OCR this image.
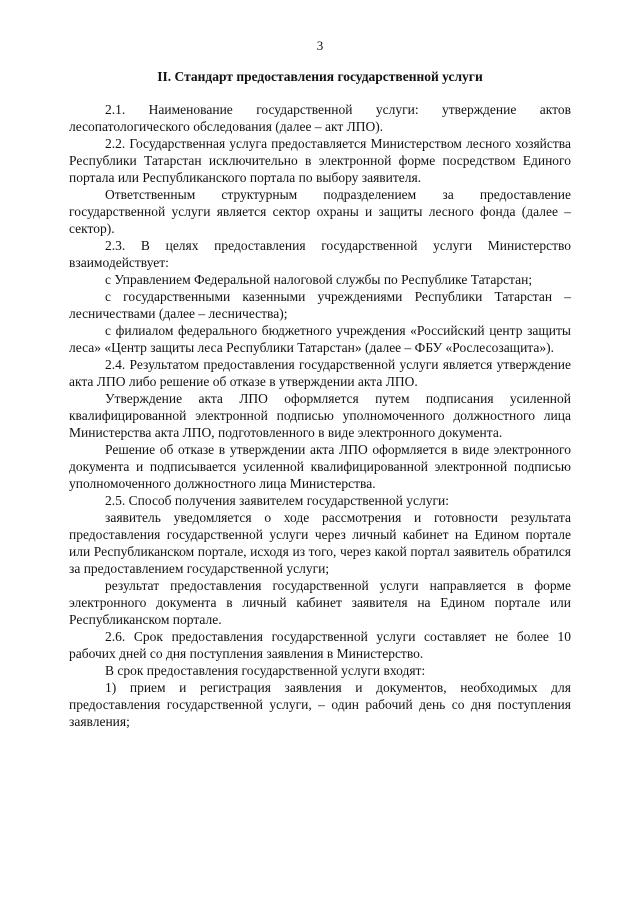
3
II. Стандарт предоставления государственной услуги

2.1. Наименование государственной услуги: утверждение актов лесопатологического обследования (далее – акт ЛПО).

2.2. Государственная услуга предоставляется Министерством лесного хозяйства Республики Татарстан исключительно в электронной форме посредством Единого портала или Республиканского портала по выбору заявителя.

Ответственным структурным подразделением за предоставление государственной услуги является сектор охраны и защиты лесного фонда (далее – сектор).

2.3. В целях предоставления государственной услуги Министерство взаимодействует:

с Управлением Федеральной налоговой службы по Республике Татарстан;

с государственными казенными учреждениями Республики Татарстан – лесничествами (далее – лесничества);

с филиалом федерального бюджетного учреждения «Российский центр защиты леса» «Центр защиты леса Республики Татарстан» (далее – ФБУ «Рослесозащита»).

2.4. Результатом предоставления государственной услуги является утверждение акта ЛПО либо решение об отказе в утверждении акта ЛПО.

Утверждение акта ЛПО оформляется путем подписания усиленной квалифицированной электронной подписью уполномоченного должностного лица Министерства акта ЛПО, подготовленного в виде электронного документа.

Решение об отказе в утверждении акта ЛПО оформляется в виде электронного документа и подписывается усиленной квалифицированной электронной подписью уполномоченного должностного лица Министерства.

2.5. Способ получения заявителем государственной услуги:

заявитель уведомляется о ходе рассмотрения и готовности результата предоставления государственной услуги через личный кабинет на Едином портале или Республиканском портале, исходя из того, через какой портал заявитель обратился за предоставлением государственной услуги;

результат предоставления государственной услуги направляется в форме электронного документа в личный кабинет заявителя на Едином портале или Республиканском портале.

2.6. Срок предоставления государственной услуги составляет не более 10 рабочих дней со дня поступления заявления в Министерство.

В срок предоставления государственной услуги входят:

1) прием и регистрация заявления и документов, необходимых для предоставления государственной услуги, – один рабочий день со дня поступления заявления;
